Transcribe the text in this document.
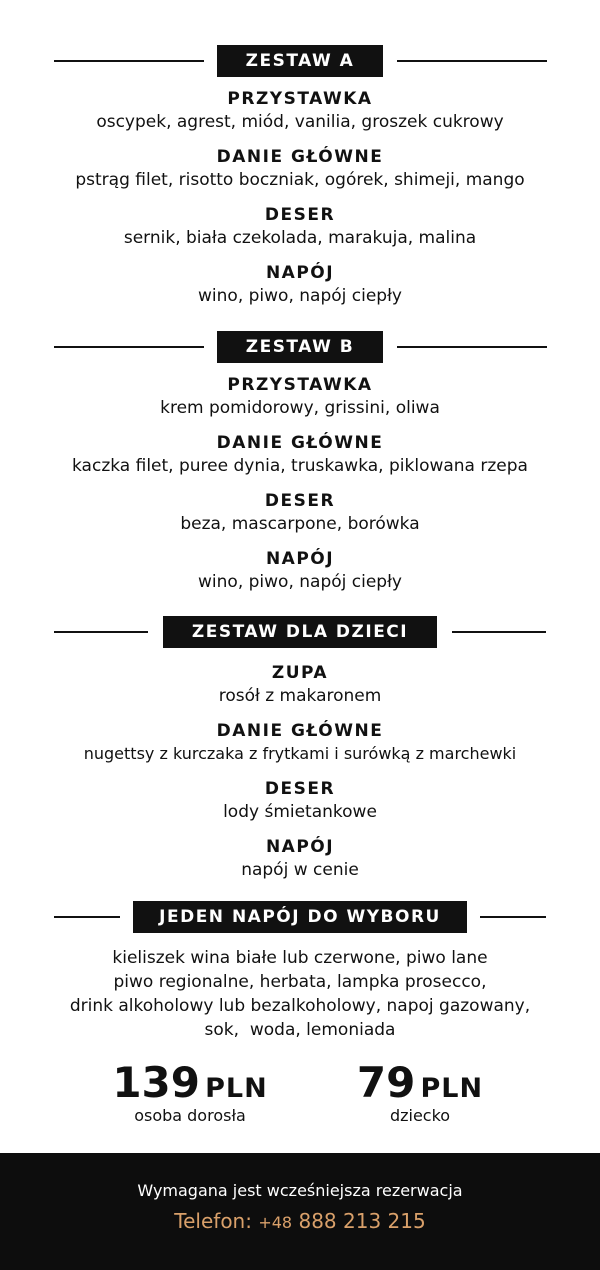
ZESTAW A
PRZYSTAWKA
oscypek, agrest, miód, vanilia, groszek cukrowy
DANIE GŁÓWNE
pstrąg filet, risotto boczniak, ogórek, shimeji, mango
DESER
sernik, biała czekolada, marakuja, malina
NAPÓJ
wino, piwo, napój ciepły
ZESTAW B
PRZYSTAWKA
krem pomidorowy, grissini, oliwa
DANIE GŁÓWNE
kaczka filet, puree dynia, truskawka, piklowana rzepa
DESER
beza, mascarpone, borówka
NAPÓJ
wino, piwo, napój ciepły
ZESTAW DLA DZIECI
ZUPA
rosół z makaronem
DANIE GŁÓWNE
nugettsy z kurczaka z frytkami i surówką z marchewki
DESER
lody śmietankowe
NAPÓJ
napój w cenie
JEDEN NAPÓJ DO WYBORU
kieliszek wina białe lub czerwone, piwo lane
piwo regionalne, herbata, lampka prosecco,
drink alkoholowy lub bezalkoholowy, napoj gazowany,
sok,  woda, lemoniada
139 PLN
osoba dorosła
79 PLN
dziecko
Wymagana jest wcześniejsza rezerwacja
Telefon: +48 888 213 215
